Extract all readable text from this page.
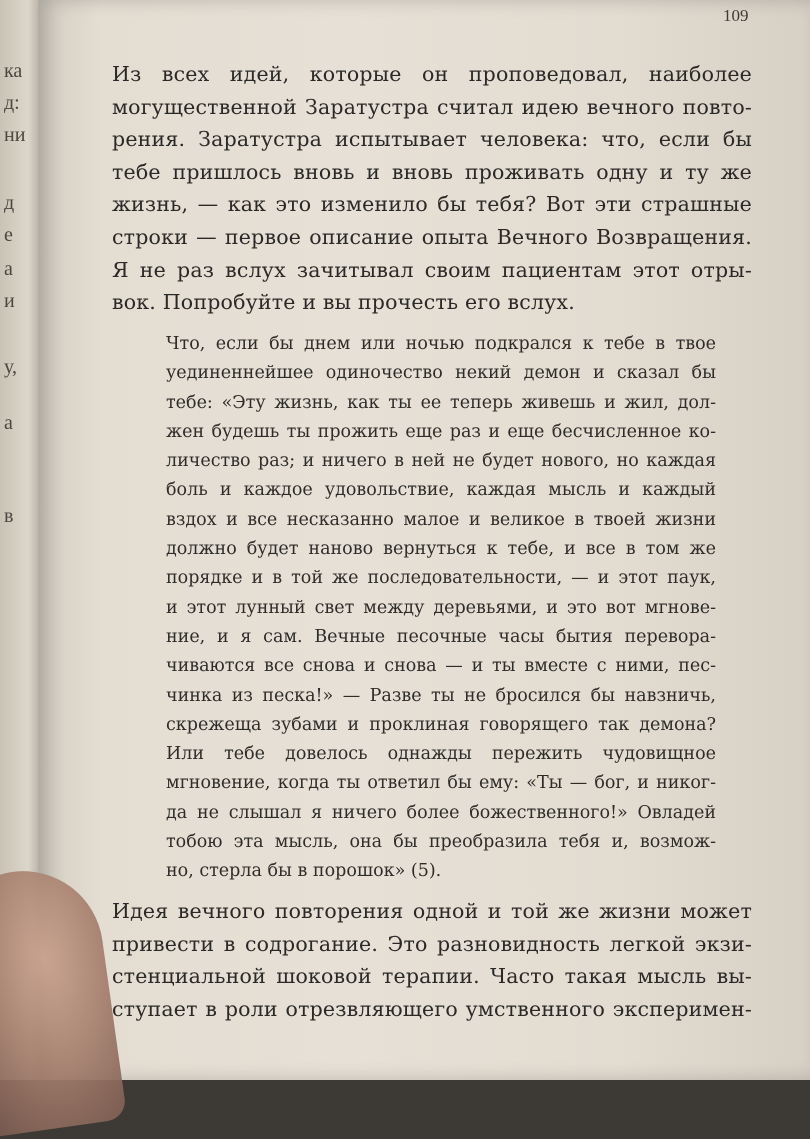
ка
д:
ни
д
е
а
и
у,
а
в
109
Из всех идей, которые он проповедовал, наиболее
могущественной Заратустра считал идею вечного повто-
рения. Заратустра испытывает человека: что, если бы
тебе пришлось вновь и вновь проживать одну и ту же
жизнь, — как это изменило бы тебя? Вот эти страшные
строки — первое описание опыта Вечного Возвращения.
Я не раз вслух зачитывал своим пациентам этот отры-
вок. Попробуйте и вы прочесть его вслух.
Что, если бы днем или ночью подкрался к тебе в твое
уединеннейшее одиночество некий демон и сказал бы
тебе: «Эту жизнь, как ты ее теперь живешь и жил, дол-
жен будешь ты прожить еще раз и еще бесчисленное ко-
личество раз; и ничего в ней не будет нового, но каждая
боль и каждое удовольствие, каждая мысль и каждый
вздох и все несказанно малое и великое в твоей жизни
должно будет наново вернуться к тебе, и все в том же
порядке и в той же последовательности, — и этот паук,
и этот лунный свет между деревьями, и это вот мгнове-
ние, и я сам. Вечные песочные часы бытия перевора-
чиваются все снова и снова — и ты вместе с ними, пес-
чинка из песка!» — Разве ты не бросился бы навзничь,
скрежеща зубами и проклиная говорящего так демона?
Или тебе довелось однажды пережить чудовищное
мгновение, когда ты ответил бы ему: «Ты — бог, и никог-
да не слышал я ничего более божественного!» Овладей
тобою эта мысль, она бы преобразила тебя и, возмож-
но, стерла бы в порошок» (5).
Идея вечного повторения одной и той же жизни может
привести в содрогание. Это разновидность легкой экзи-
стенциальной шоковой терапии. Часто такая мысль вы-
ступает в роли отрезвляющего умственного эксперимен-
